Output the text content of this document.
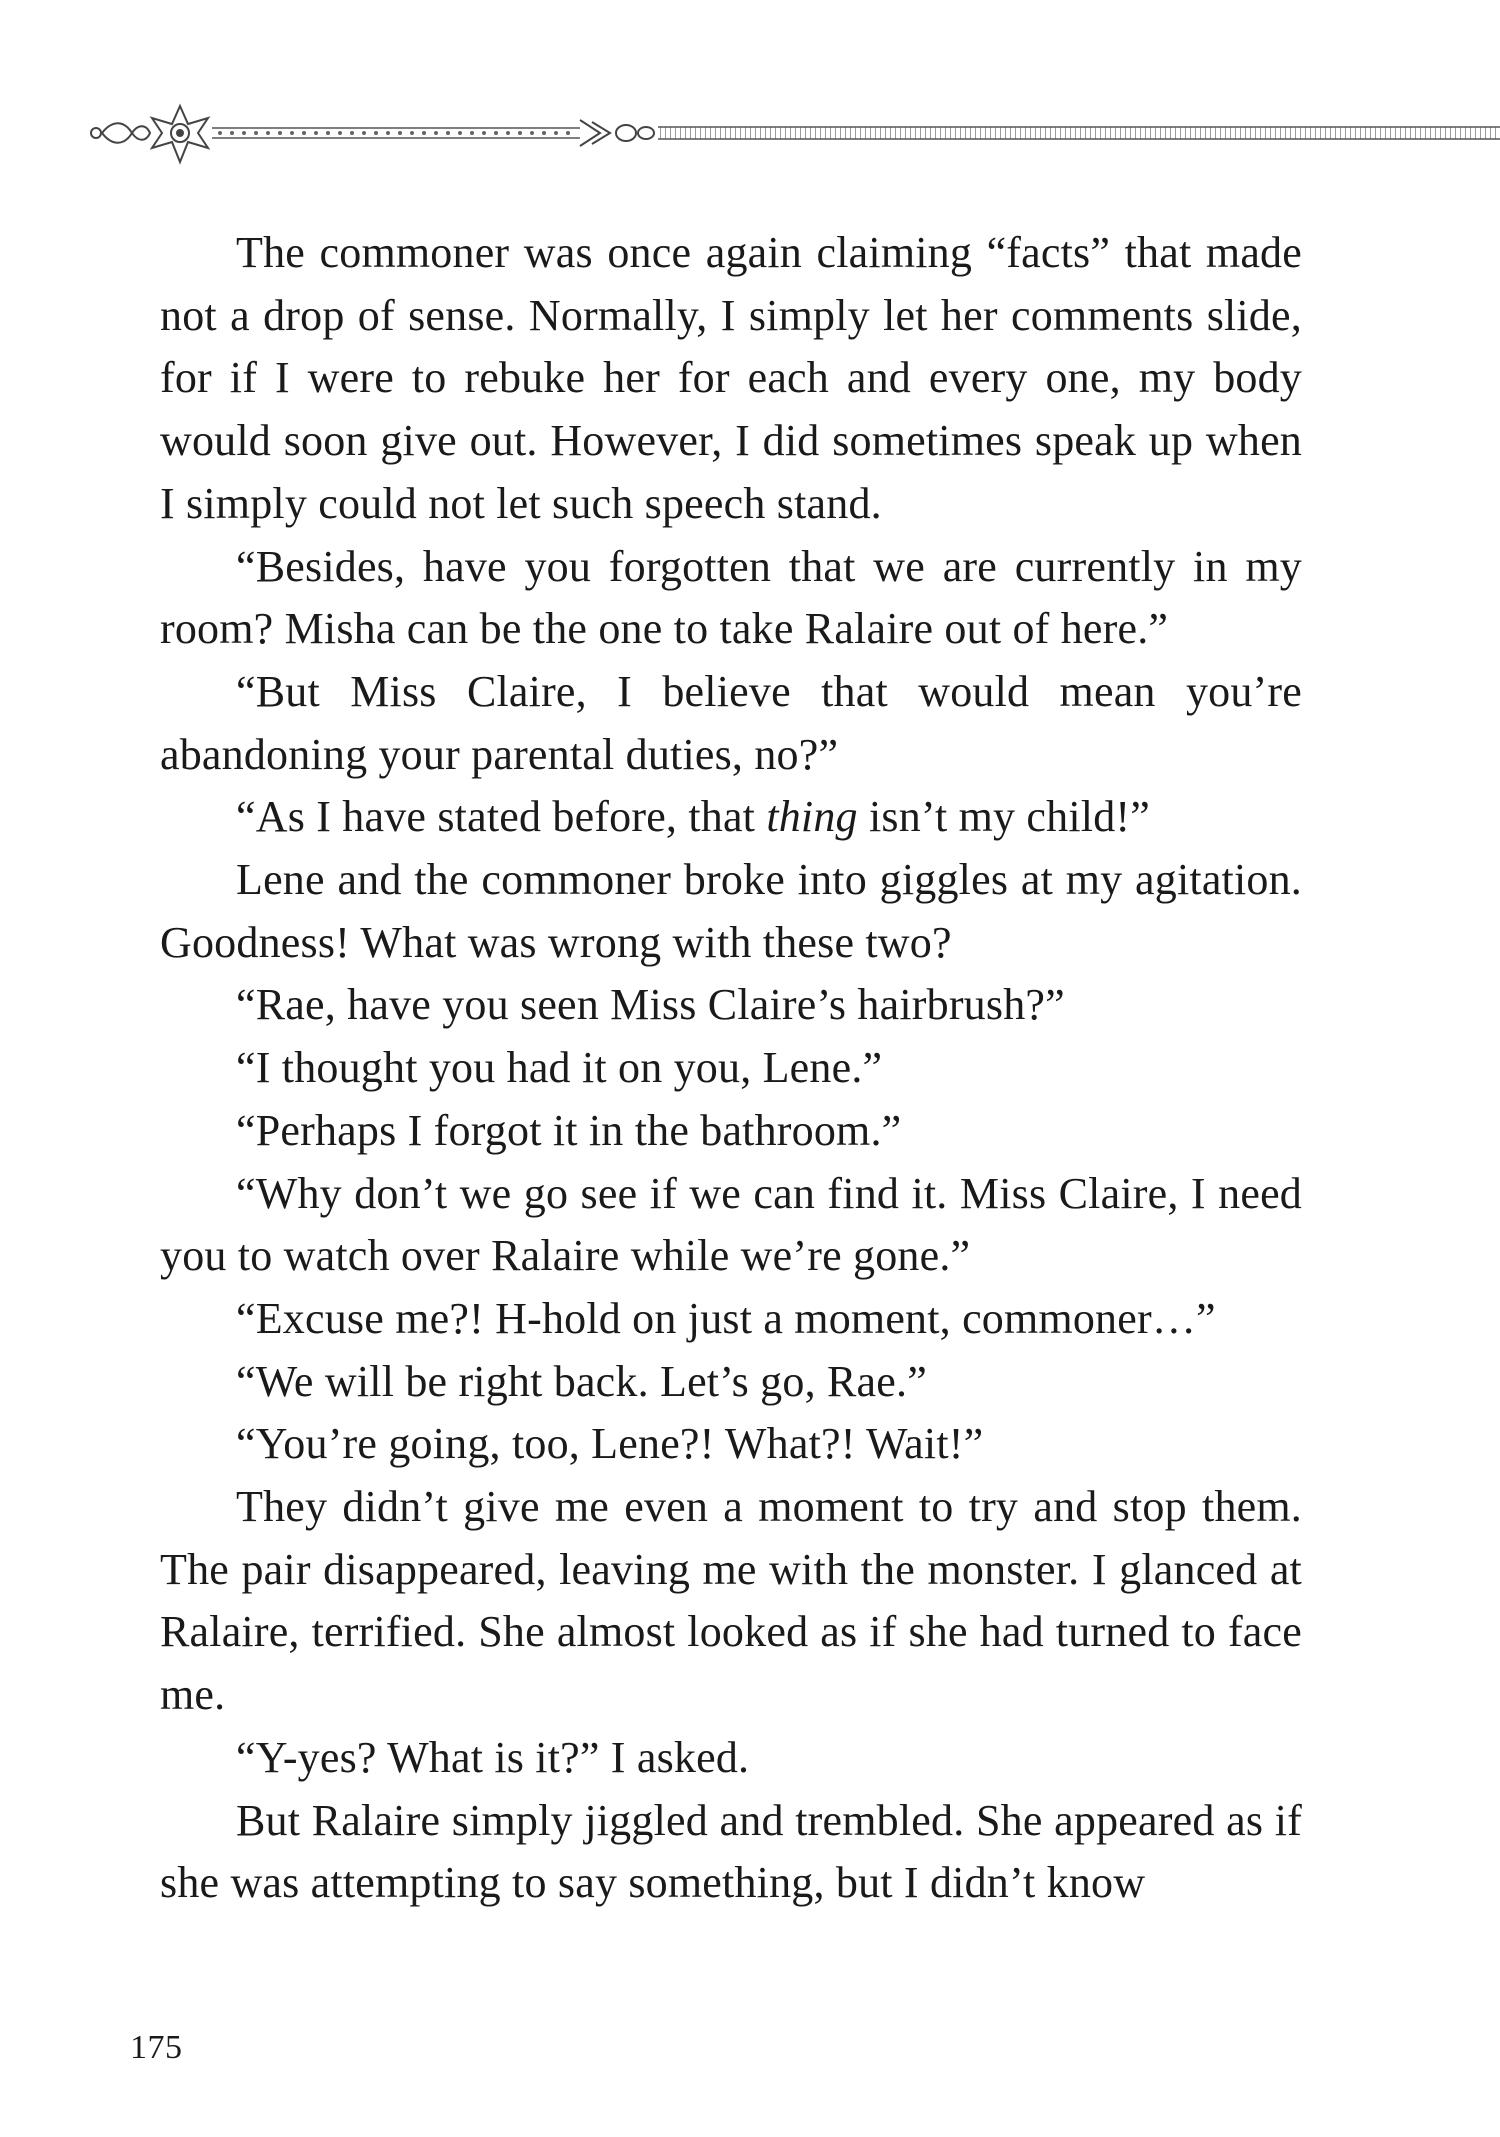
The commoner was once again claiming “facts” that made not a drop of sense. Normally, I simply let her comments slide, for if I were to rebuke her for each and every one, my body would soon give out. However, I did sometimes speak up when I simply could not let such speech stand.

“Besides, have you forgotten that we are currently in my room? Misha can be the one to take Ralaire out of here.”

“But Miss Claire, I believe that would mean you’re abandoning your parental duties, no?”

“As I have stated before, that thing isn’t my child!”

Lene and the commoner broke into giggles at my agitation. Goodness! What was wrong with these two?

“Rae, have you seen Miss Claire’s hairbrush?”

“I thought you had it on you, Lene.”

“Perhaps I forgot it in the bathroom.”

“Why don’t we go see if we can find it. Miss Claire, I need you to watch over Ralaire while we’re gone.”

“Excuse me?! H-hold on just a moment, commoner…”

“We will be right back. Let’s go, Rae.”

“You’re going, too, Lene?! What?! Wait!”

They didn’t give me even a moment to try and stop them. The pair disappeared, leaving me with the monster. I glanced at Ralaire, terrified. She almost looked as if she had turned to face me.

“Y-yes? What is it?” I asked.

But Ralaire simply jiggled and trembled. She appeared as if she was attempting to say something, but I didn’t know

175
